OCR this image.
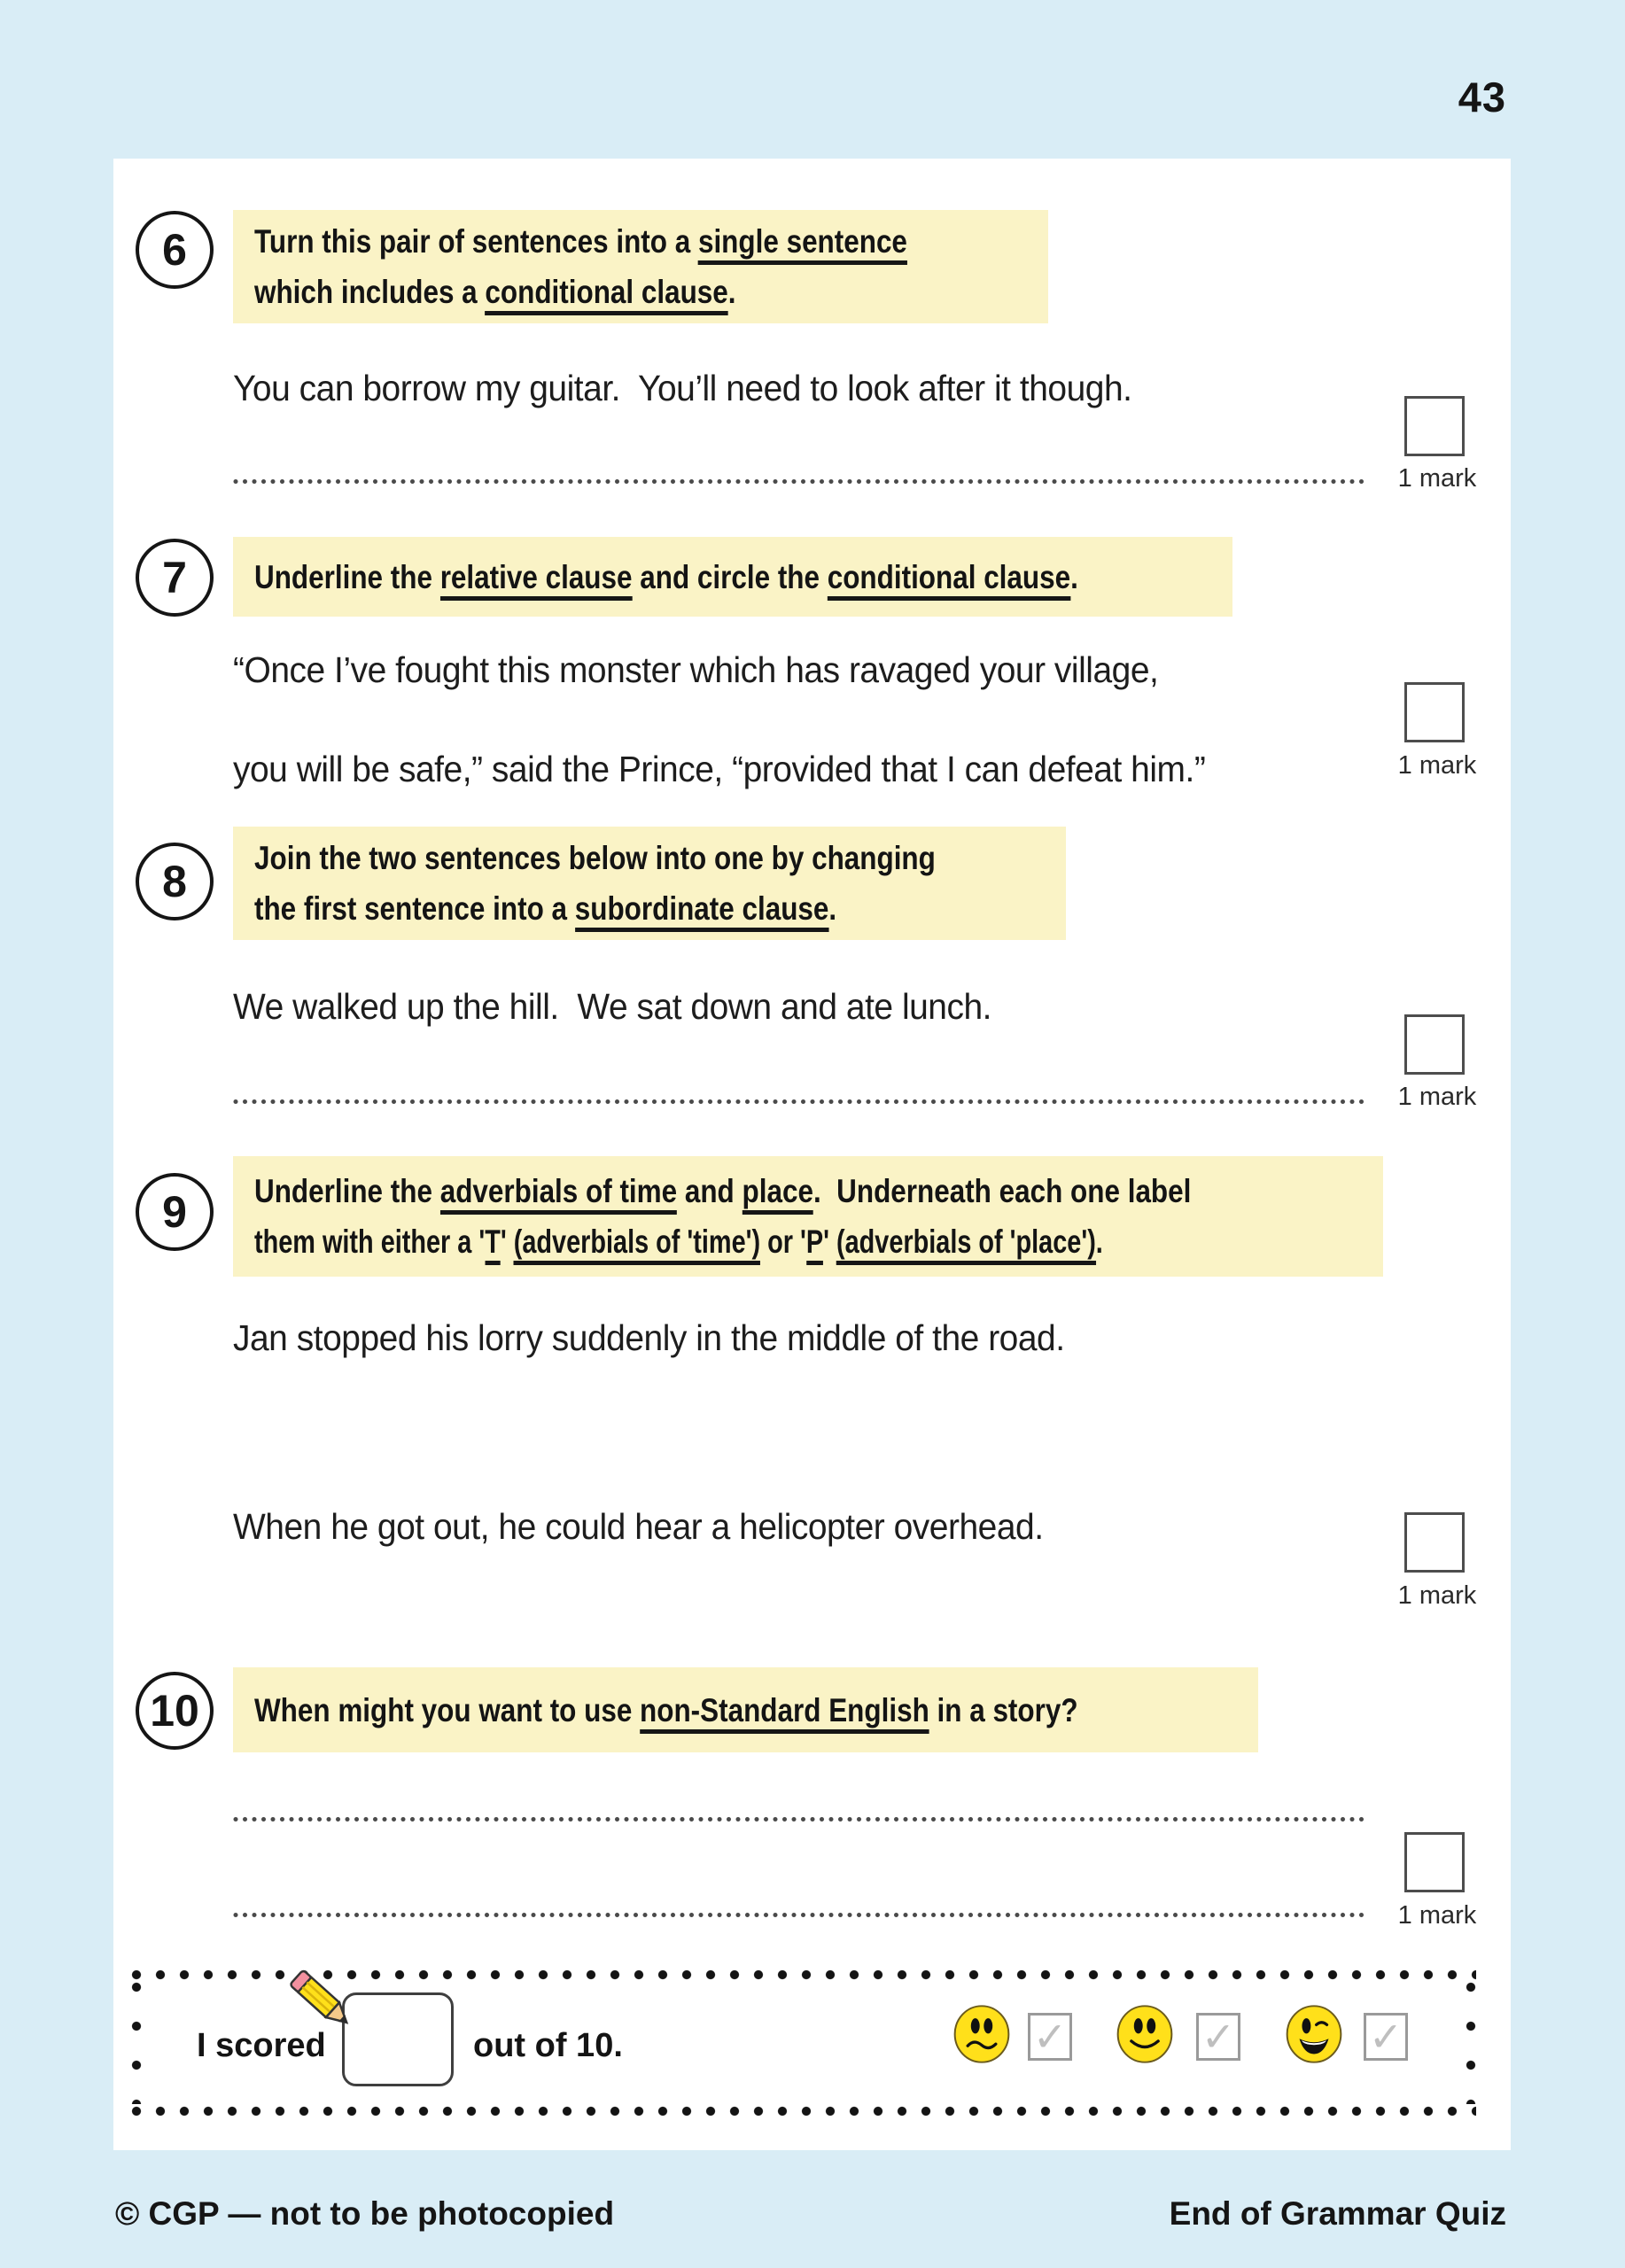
43
6 Turn this pair of sentences into a single sentence
which includes a conditional clause.
You can borrow my guitar.  You’ll need to look after it though.
1 mark
7 Underline the relative clause and circle the conditional clause.
“Once I’ve fought this monster which has ravaged your village,
you will be safe,” said the Prince, “provided that I can defeat him.”	1 mark
8 Join the two sentences below into one by changing
the first sentence into a subordinate clause.
We walked up the hill.  We sat down and ate lunch.
1 mark
9 Underline the adverbials of time and place.  Underneath each one label
them with either a 'T' (adverbials of 'time') or 'P' (adverbials of 'place').
Jan stopped his lorry suddenly in the middle of the road.
When he got out, he could hear a helicopter overhead.
1 mark
10 When might you want to use non-Standard English in a story?
1 mark
I scored	out of 10.	✓	✓	✓
© CGP — not to be photocopied	End of Grammar Quiz
